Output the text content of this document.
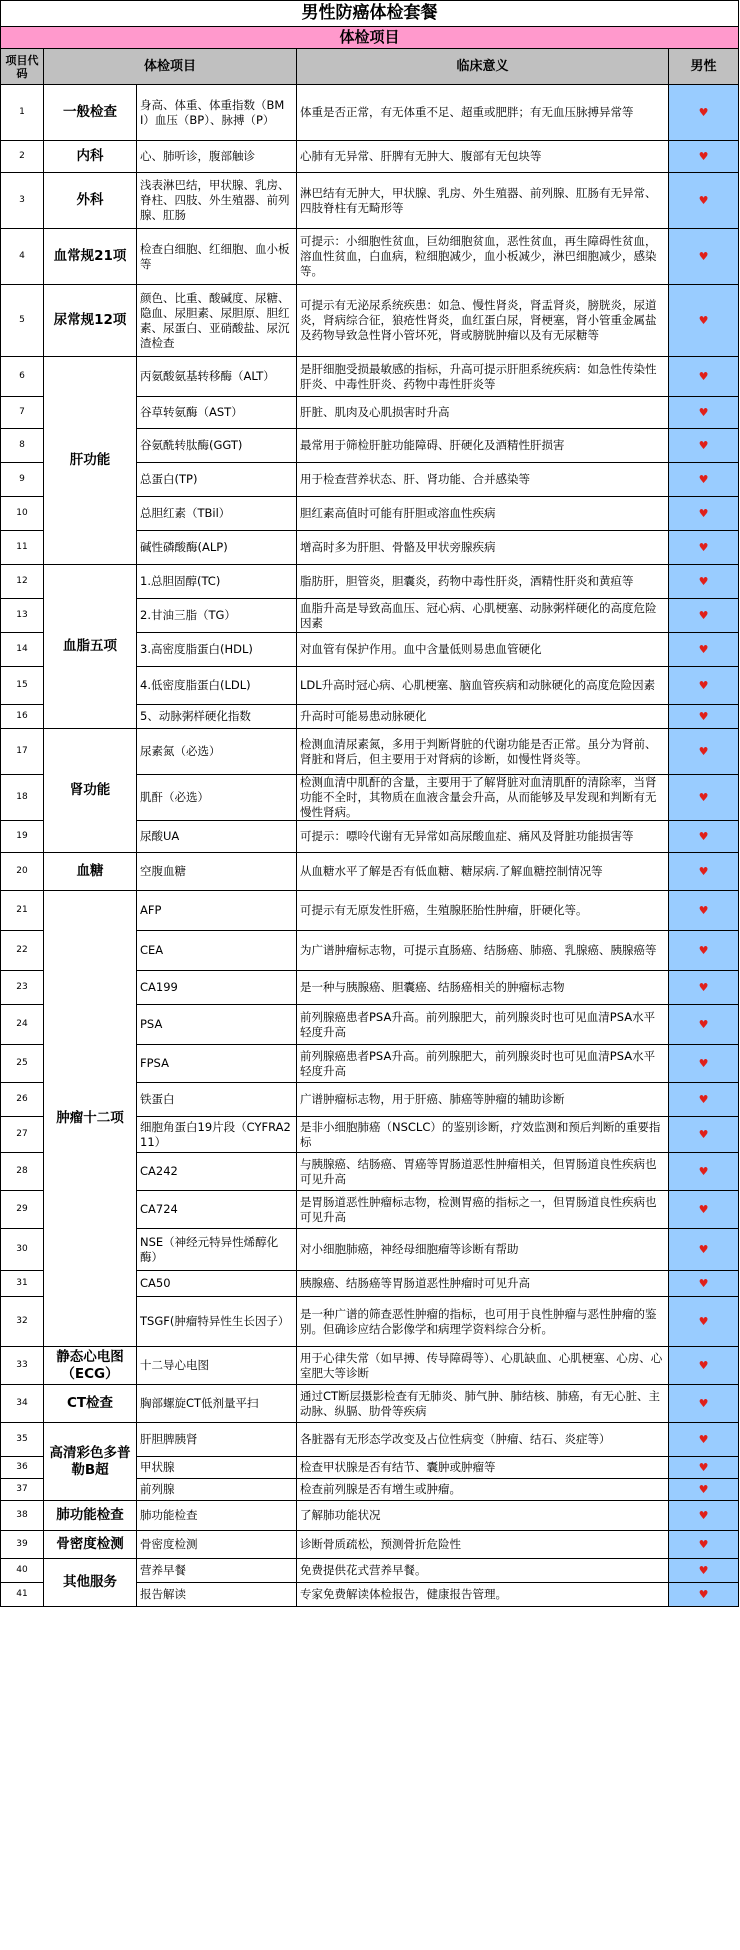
男性防癌体检套餐				
体检项目				
项目代码	体检项目		临床意义	男性
1	一般检查	身高、体重、体重指数（BMI）血压（BP）、脉搏（P）	体重是否正常，有无体重不足、超重或肥胖；有无血压脉搏异常等	♥
2	内科	心、肺听诊，腹部触诊	心肺有无异常、肝脾有无肿大、腹部有无包块等	♥
3	外科	浅表淋巴结，甲状腺、乳房、脊柱、四肢、外生殖器、前列腺、肛肠	淋巴结有无肿大，甲状腺、乳房、外生殖器、前列腺、肛肠有无异常、四肢脊柱有无畸形等	♥
4	血常规21项	检查白细胞、红细胞、血小板等	可提示：小细胞性贫血，巨幼细胞贫血，恶性贫血，再生障碍性贫血，溶血性贫血，白血病，粒细胞减少，血小板减少，淋巴细胞减少，感染等。	♥
5	尿常规12项	颜色、比重、酸碱度、尿糖、隐血、尿胆素、尿胆原、胆红素、尿蛋白、亚硝酸盐、尿沉渣检查	可提示有无泌尿系统疾患：如急、慢性肾炎，肾盂肾炎，膀胱炎，尿道炎，肾病综合征，狼疮性肾炎，血红蛋白尿，肾梗塞，肾小管重金属盐及药物导致急性肾小管坏死，肾或膀胱肿瘤以及有无尿糖等	♥
6	肝功能	丙氨酸氨基转移酶（ALT）	是肝细胞受损最敏感的指标，升高可提示肝胆系统疾病：如急性传染性肝炎、中毒性肝炎、药物中毒性肝炎等	♥
7		谷草转氨酶（AST）	肝脏、肌肉及心肌损害时升高	♥
8		谷氨酰转肽酶(GGT)	最常用于筛检肝脏功能障碍、肝硬化及酒精性肝损害	♥
9		总蛋白(TP)	用于检查营养状态、肝、肾功能、合并感染等	♥
10		总胆红素（TBil）	胆红素高值时可能有肝胆或溶血性疾病	♥
11		碱性磷酸酶(ALP)	增高时多为肝胆、骨骼及甲状旁腺疾病	♥
12	血脂五项	1.总胆固醇(TC)	脂肪肝，胆管炎，胆囊炎，药物中毒性肝炎，酒精性肝炎和黄疸等	♥
13		2.甘油三脂（TG）	血脂升高是导致高血压、冠心病、心肌梗塞、动脉粥样硬化的高度危险因素	♥
14		3.高密度脂蛋白(HDL)	对血管有保护作用。血中含量低则易患血管硬化	♥
15		4.低密度脂蛋白(LDL)	LDL升高时冠心病、心肌梗塞、脑血管疾病和动脉硬化的高度危险因素	♥
16		5、动脉粥样硬化指数	升高时可能易患动脉硬化	♥
17	肾功能	尿素氮（必选）	检测血清尿素氮，多用于判断肾脏的代谢功能是否正常。虽分为肾前、肾脏和肾后，但主要用于对肾病的诊断，如慢性肾炎等。	♥
18		肌酐（必选）	检测血清中肌酐的含量，主要用于了解肾脏对血清肌酐的清除率，当肾功能不全时，其物质在血液含量会升高，从而能够及早发现和判断有无慢性肾病。	♥
19		尿酸UA	可提示：嘌呤代谢有无异常如高尿酸血症、痛风及肾脏功能损害等	♥
20	血糖	空腹血糖	从血糖水平了解是否有低血糖、糖尿病.了解血糖控制情况等	♥
21	肿瘤十二项	AFP	可提示有无原发性肝癌，生殖腺胚胎性肿瘤，肝硬化等。	♥
22		CEA	为广谱肿瘤标志物，可提示直肠癌、结肠癌、肺癌、乳腺癌、胰腺癌等	♥
23		CA199	是一种与胰腺癌、胆囊癌、结肠癌相关的肿瘤标志物	♥
24		PSA	前列腺癌患者PSA升高。前列腺肥大，前列腺炎时也可见血清PSA水平轻度升高	♥
25		FPSA	前列腺癌患者PSA升高。前列腺肥大，前列腺炎时也可见血清PSA水平轻度升高	♥
26		铁蛋白	广谱肿瘤标志物，用于肝癌、肺癌等肿瘤的辅助诊断	♥
27		细胞角蛋白19片段（CYFRA211）	是非小细胞肺癌（NSCLC）的鉴别诊断，疗效监测和预后判断的重要指标	♥
28		CA242	与胰腺癌、结肠癌、胃癌等胃肠道恶性肿瘤相关，但胃肠道良性疾病也可见升高	♥
29		CA724	是胃肠道恶性肿瘤标志物，检测胃癌的指标之一，但胃肠道良性疾病也可见升高	♥
30		NSE（神经元特异性烯醇化酶）	对小细胞肺癌，神经母细胞瘤等诊断有帮助	♥
31		CA50	胰腺癌、结肠癌等胃肠道恶性肿瘤时可见升高	♥
32		TSGF(肿瘤特异性生长因子）	是一种广谱的筛查恶性肿瘤的指标，也可用于良性肿瘤与恶性肿瘤的鉴别。但确诊应结合影像学和病理学资料综合分析。	♥
33	静态心电图（ECG）	十二导心电图	用于心律失常（如早搏、传导障碍等）、心肌缺血、心肌梗塞、心房、心室肥大等诊断	♥
34	CT检查	胸部螺旋CT低剂量平扫	通过CT断层摄影检查有无肺炎、肺气肿、肺结核、肺癌，有无心脏、主动脉、纵膈、肋骨等疾病	♥
35	高清彩色多普勒B超	肝胆脾胰肾	各脏器有无形态学改变及占位性病变（肿瘤、结石、炎症等）	♥
36		甲状腺	检查甲状腺是否有结节、囊肿或肿瘤等	♥
37		前列腺	检查前列腺是否有增生或肿瘤。	♥
38	肺功能检查	肺功能检查	了解肺功能状况	♥
39	骨密度检测	骨密度检测	诊断骨质疏松，预测骨折危险性	♥
40	其他服务	营养早餐	免费提供花式营养早餐。	♥
41		报告解读	专家免费解读体检报告，健康报告管理。	♥
